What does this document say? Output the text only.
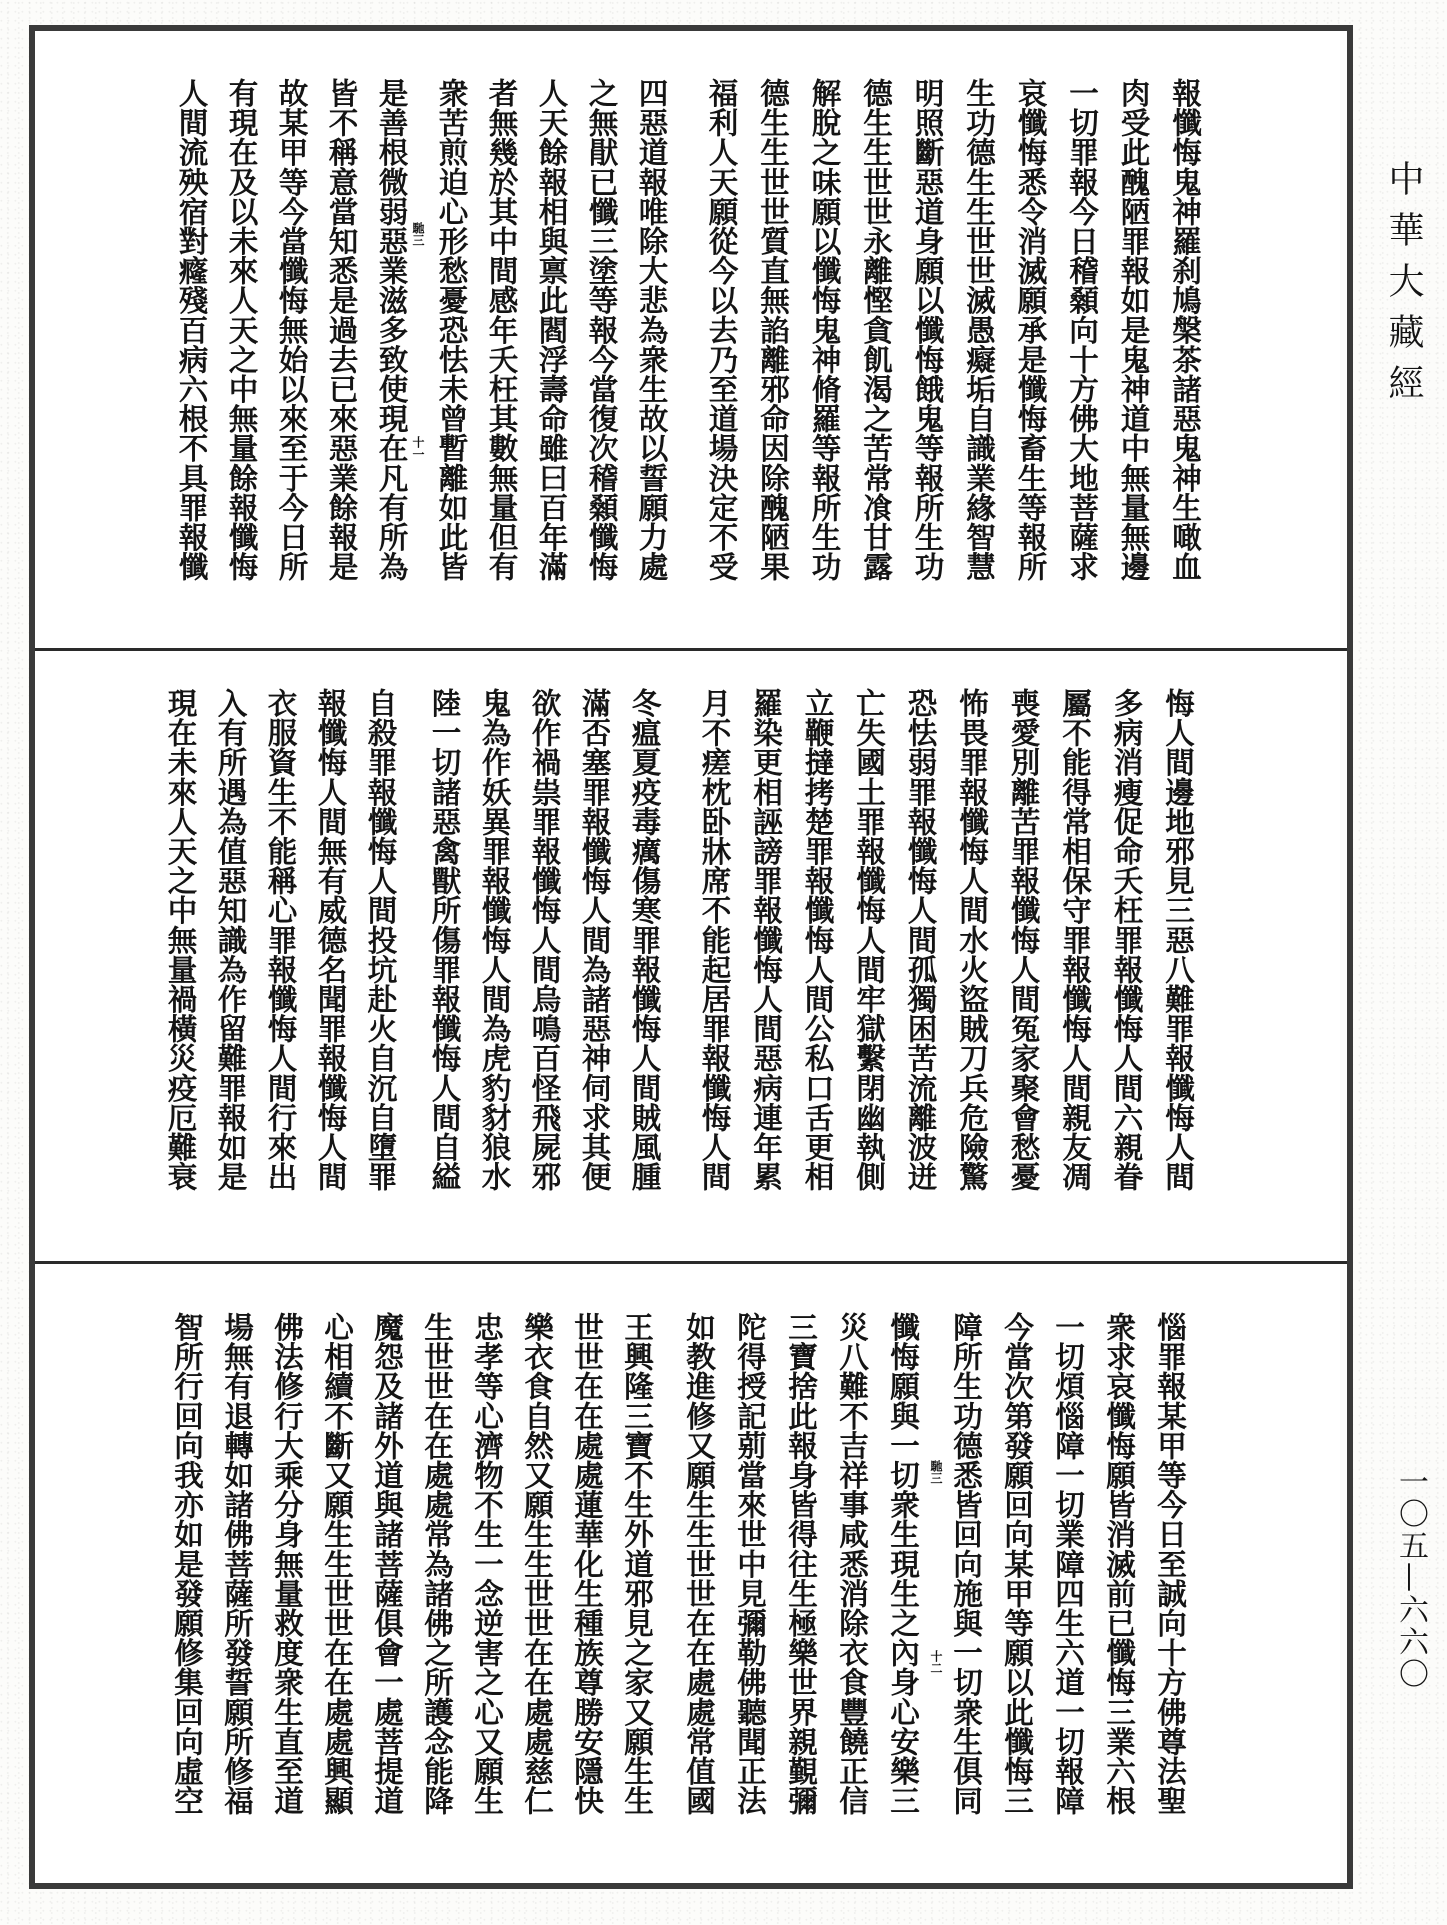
報懺悔鬼神羅刹鳩槃茶諸惡鬼神生噉血
肉受此醜陋罪報如是鬼神道中無量無邊
一切罪報今日稽顙向十方佛大地菩薩求
哀懺悔悉令消滅願承是懺悔畜生等報所
生功德生生世世滅愚癡垢自識業緣智慧
明照斷惡道身願以懺悔餓鬼等報所生功
德生生世世永離慳貪飢渴之苦常飡甘露
解脫之味願以懺悔鬼神脩羅等報所生功
德生生世世質直無諂離邪命因除醜陋果
福利人天願從今以去乃至道場決定不受
四惡道報唯除大悲為衆生故以誓願力處
之無猒已懺三塗等報今當復次稽顙懺悔
人天餘報相與禀此閻浮壽命雖曰百年滿
者無幾於其中間感年夭枉其數無量但有
衆苦煎迫心形愁憂恐怯未曾暫離如此皆
是善根微弱惡業滋多致使現在凡有所為
皆不稱意當知悉是過去已來惡業餘報是
故某甲等今當懺悔無始以來至于今日所
有現在及以未來人天之中無量餘報懺悔
人間流殃宿對癃殘百病六根不具罪報懺	馳三
十一
悔人間邊地邪見三惡八難罪報懺悔人間
多病消瘦促命夭枉罪報懺悔人間六親眷
屬不能得常相保守罪報懺悔人間親友凋
喪愛別離苦罪報懺悔人間冤家聚會愁憂
怖畏罪報懺悔人間水火盜賊刀兵危險驚
恐怯弱罪報懺悔人間孤獨困苦流離波迸
亡失國土罪報懺悔人間牢獄繫閉幽執側
立鞭撻拷楚罪報懺悔人間公私口舌更相
羅染更相誣謗罪報懺悔人間惡病連年累
月不瘥枕卧牀席不能起居罪報懺悔人間
冬瘟夏疫毒癘傷寒罪報懺悔人間賊風腫
滿否塞罪報懺悔人間為諸惡神伺求其便
欲作禍祟罪報懺悔人間烏鳴百怪飛屍邪
鬼為作妖異罪報懺悔人間為虎豹豺狼水
陸一切諸惡禽獸所傷罪報懺悔人間自縊
自殺罪報懺悔人間投坑赴火自沉自墮罪
報懺悔人間無有威德名聞罪報懺悔人間
衣服資生不能稱心罪報懺悔人間行來出
入有所遇為值惡知識為作留難罪報如是
現在未來人天之中無量禍橫災疫厄難衰
惱罪報某甲等今日至誠向十方佛尊法聖
衆求哀懺悔願皆消滅前已懺悔三業六根
一切煩惱障一切業障四生六道一切報障
今當次第發願回向某甲等願以此懺悔三
障所生功德悉皆回向施與一切衆生俱同
懺悔願與一切衆生現生之內身心安樂三
災八難不吉祥事咸悉消除衣食豐饒正信
三寶捨此報身皆得往生極樂世界親覲彌
陀得授記莂當來世中見彌勒佛聽聞正法
如教進修又願生生世世在在處處常值國
王興隆三寶不生外道邪見之家又願生生
世世在在處處蓮華化生種族尊勝安隱快
樂衣食自然又願生生世世在在處處慈仁
忠孝等心濟物不生一念逆害之心又願生
生世世在在處處常為諸佛之所護念能降
魔怨及諸外道與諸菩薩俱會一處菩提道
心相續不斷又願生生世世在在處處興顯
佛法修行大乘分身無量救度衆生直至道
場無有退轉如諸佛菩薩所發誓願所修福
智所行回向我亦如是發願修集回向虛空	馳三
十二
中華大藏經
一〇五—六六〇
